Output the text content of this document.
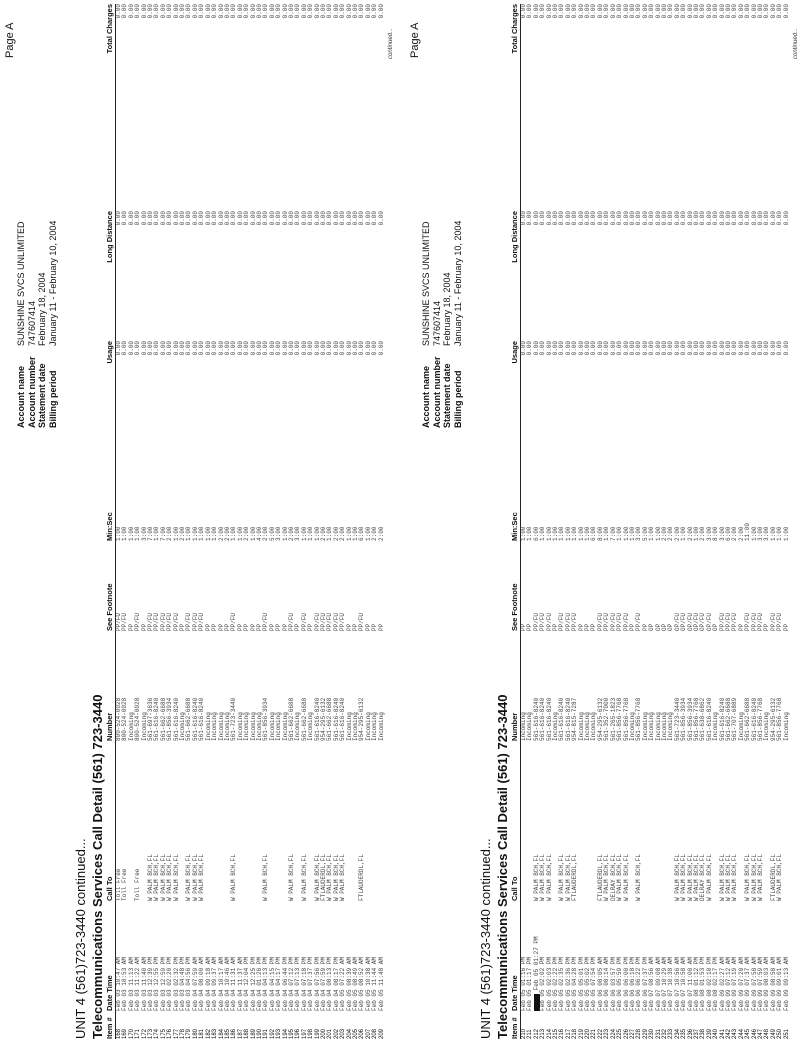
Page A
Account name
SUNSHINE SVCS UNLIMITED
Account number
747607414
Statement date
February 18, 2004
Billing period
January 11 - February 10, 2004
UNIT 4 (561)723-3440 continued... Telecommunications Services Call Detail (561) 723-3440 Item #	Date Time	Call To	Number	See Footnote	Min:Sec	Usage	Long Distance	Total Charges
168	Feb 03 10:47 AM	Toll Free	800-524-0028	PP/FU	1:00	0.00	0.00	0.00
169	Feb 03 10:53 AM	Toll Free	800-524-0028	PP/FU	1:00	0.00	0.00	0.00
170	Feb 03 11:13 AM		Incoming	PP	1:00	0.00	0.00	0.00
171	Feb 03 11:22 AM	Toll Free	800-524-0028	PP/FU	1:00	0.00	0.00	0.00
172	Feb 03 11:40 AM		Incoming	PP	3:00	0.00	0.00	0.00
173	Feb 03 12:39 PM	W PALM BCH,FL	561-697-3636	PP/FU	7:00	0.00	0.00	0.00
174	Feb 03 12:55 PM	W PALM BCH,FL	561-616-8240	PP/FU	1:00	0.00	0.00	0.00
175	Feb 03 12:59 PM	W PALM BCH,FL	561-662-6688	PP/FU	7:00	0.00	0.00	0.00
176	Feb 03 02:20 PM	W PALM BCH,FL	561-856-3934	PP/FU	2:00	0.00	0.00	0.00
177	Feb 03 02:32 PM	W PALM BCH,FL	561-616-8240	PP/FU	1:00	0.00	0.00	0.00
178	Feb 03 04:48 PM		Incoming	PP	2:00	0.00	0.00	0.00
179	Feb 03 04:56 PM	W PALM BCH,FL	561-662-6688	PP/FU	1:00	0.00	0.00	0.00
180	Feb 04 07:59 AM	W PALM BCH,FL	561-616-8240	PP/FU	1:00	0.00	0.00	0.00
181	Feb 04 08:00 AM	W PALM BCH,FL	561-616-8240	PP/FU	1:00	0.00	0.00	0.00
182	Feb 04 09:18 AM		Incoming	PP	1:00	0.00	0.00	0.00
183	Feb 04 09:37 AM		Incoming	PP	1:00	0.00	0.00	0.00
184	Feb 04 10:17 AM		Incoming	PP	2:00	0.00	0.00	0.00
185	Feb 04 10:46 AM		Incoming	PP	2:00	0.00	0.00	0.00
186	Feb 04 11:31 AM	W PALM BCH,FL	561-723-3440	PP/FU	1:00	0.00	0.00	0.00
187	Feb 04 11:37 AM		Incoming	PP	1:00	0.00	0.00	0.00
188	Feb 04 12:04 PM		Incoming	PP	2:00	0.00	0.00	0.00
189	Feb 04 12:25 PM		Incoming	PP	1:00	0.00	0.00	0.00
190	Feb 04 01:26 PM		Incoming	PP	4:00	0.00	0.00	0.00
191	Feb 04 04:13 PM	W PALM BCH,FL	561-856-3934	PP/FU	2:00	0.00	0.00	0.00
192	Feb 04 04:15 PM		Incoming	PP	5:00	0.00	0.00	0.00
193	Feb 04 04:17 PM		Incoming	PP	3:00	0.00	0.00	0.00
194	Feb 04 06:44 PM		Incoming	PP	1:00	0.00	0.00	0.00
195	Feb 04 07:12 PM	W PALM BCH,FL	561-662-6688	PP/FU	2:00	0.00	0.00	0.00
196	Feb 04 07:13 PM		Incoming	PP	3:00	0.00	0.00	0.00
197	Feb 04 07:18 PM	W PALM BCH,FL	561-662-6688	PP/FU	1:00	0.00	0.00	0.00
198	Feb 04 07:37 PM		Incoming	PP	1:00	0.00	0.00	0.00
199	Feb 04 07:56 PM	W PALM BCH,FL	561-616-8240	PP/FU	1:00	0.00	0.00	0.00
200	Feb 04 07:59 PM	FTLAUDERDL,FL	954-295-6132	PP/FU	2:00	0.00	0.00	0.00
201	Feb 04 08:13 PM	W PALM BCH,FL	561-662-6688	PP/FU	1:00	0.00	0.00	0.00
202	Feb 04 08:17 PM	W PALM BCH,FL	561-616-8240	PP/FU	2:00	0.00	0.00	0.00
203	Feb 05 07:22 AM	W PALM BCH,FL	561-616-8240	PP/FU	2:00	0.00	0.00	0.00
204	Feb 05 08:39 AM		Incoming	PP	1:00	0.00	0.00	0.00
205	Feb 05 08:49 AM		Incoming	PP	1:00	0.00	0.00	0.00
206	Feb 05 08:52 AM	FTLAUDERDL,FL	954-295-6132	PP/FU	6:00	0.00	0.00	0.00
207	Feb 05 10:38 AM		Incoming	PP	1:00	0.00	0.00	0.00
208	Feb 05 11:44 AM		Incoming	PP	2:00	0.00	0.00	0.00
209	Feb 05 11:48 AM		Incoming	PP	2:00	0.00	0.00	0.00
continued... Page A
Account name
SUNSHINE SVCS UNLIMITED
Account number
747607414
Statement date
February 18, 2004
Billing period
January 11 - February 10, 2004
UNIT 4 (561)723-3440 continued... Telecommunications Services Call Detail (561) 723-3440 Item #	Date Time	Call To	Number	See Footnote	Min:Sec	Usage	Long Distance	Total Charges
210	Feb 05 01:16 PM		Incoming	PP	1:00	0.00	0.00	0.00
211	Feb 05 01:17 PM		Incoming	PP	1:00	0.00	0.00	0.00
212	Feb 05 01:27 PM	W PALM BCH,FL	561-616-8240	PP/FU	6:00	0.00	0.00	0.00
213	Feb 05 02:02 PM	W PALM BCH,FL	561-616-8240	PP/FU	1:00	0.00	0.00	0.00
214	Feb 05 02:03 PM	W PALM BCH,FL	561-616-8240	PP/FU	1:00	0.00	0.00	0.00
215	Feb 05 02:22 PM		Incoming	PP	1:00	0.00	0.00	0.00
216	Feb 05 02:35 PM	W PALM BCH,FL	561-616-8240	PP/FU	1:00	0.00	0.00	0.00
217	Feb 05 02:36 PM	W PALM BCH,FL	561-616-8240	PP/FU	1:00	0.00	0.00	0.00
218	Feb 05 04:28 PM	FTLAUDERDL,FL	954-815-7287	PP/FU	1:00	0.00	0.00	0.00
219	Feb 05 05:01 PM		Incoming	PP	1:00	0.00	0.00	0.00
220	Feb 05 05:02 PM		Incoming	PP	1:00	0.00	0.00	0.00
221	Feb 05 07:54 PM		Incoming	PP	6:00	0.00	0.00	0.00
222	Feb 06 08:05 AM	FTLAUDERDL,FL	954-295-6132	PP/FU	8:00	0.00	0.00	0.00
223	Feb 06 08:14 AM	W PALM BCH,FL	561-352-7000	PP/FU	1:00	0.00	0.00	0.00
224	Feb 06 03:57 PM	DELRAY BCH,FL	561-265-1823	PP/FU	7:00	0.00	0.00	0.00
225	Feb 06 05:59 PM	W PALM BCH,FL	561-856-7768	PP/FU	1:00	0.00	0.00	0.00
226	Feb 06 06:00 PM	W PALM BCH,FL	561-856-7768	PP/FU	1:00	0.00	0.00	0.00
227	Feb 06 06:18 PM		Incoming	PP	1:00	0.00	0.00	0.00
228	Feb 06 06:22 PM	W PALM BCH,FL	561-856-7768	PP/FU	3:00	0.00	0.00	0.00
229	Feb 06 07:37 PM		Incoming	PP	5:00	0.00	0.00	0.00
230	Feb 07 08:56 AM		Incoming	OP	1:00	0.00	0.00	0.00
231	Feb 07 09:08 AM		Incoming	OP	1:00	0.00	0.00	0.00
232	Feb 07 10:29 AM		Incoming	OP	2:00	0.00	0.00	0.00
233	Feb 07 10:38 AM		Incoming	OP	2:00	0.00	0.00	0.00
234	Feb 07 10:56 AM	W PALM BCH,FL	561-723-3440	OP/FU	2:00	0.00	0.00	0.00
235	Feb 07 10:58 AM	W PALM BCH,FL	561-856-3934	OP/FU	1:00	0.00	0.00	0.00
236	Feb 07 11:00 AM	W PALM BCH,FL	561-856-3934	OP/FU	2:00	0.00	0.00	0.00
237	Feb 08 01:12 PM	W PALM BCH,FL	561-856-7768	OP/FU	1:00	0.00	0.00	0.00
238	Feb 08 01:53 PM	DELRAY BCH,FL	561-638-6862	OP/FU	2:00	0.00	0.00	0.00
239	Feb 08 02:10 PM	W PALM BCH,FL	561-616-8240	OP/FU	3:00	0.00	0.00	0.00
240	Feb 08 02:17 PM		Incoming	OP	8:00	0.00	0.00	0.00
241	Feb 09 02:27 AM	W PALM BCH,FL	561-616-8240	PP/FU	3:00	0.00	0.00	0.00
242	Feb 09 07:12 AM	W PALM BCH,FL	561-662-6688	PP/FU	6:00	0.00	0.00	0.00
243	Feb 09 07:19 AM	W PALM BCH,FL	561-707-6889	PP/FU	2:00	0.00	0.00	0.00
244	Feb 09 07:20 AM		Incoming	PP	2:00	0.00	0.00	0.00
245	Feb 09 07:37 AM	W PALM BCH,FL	561-662-6688	PP/FU	11:00	0.00	0.00	0.00
246	Feb 09 07:58 AM	W PALM BCH,FL	561-616-8240	PP/FU	1:00	0.00	0.00	0.00
247	Feb 09 07:59 AM	W PALM BCH,FL	561-856-7768	PP/FU	3:00	0.00	0.00	0.00
248	Feb 09 08:03 AM		Incoming	PP	3:00	0.00	0.00	0.00
249	Feb 09 08:58 AM	FTLAUDERDL,FL	954-295-6132	PP/FU	1:00	0.00	0.00	0.00
250	Feb 09 09:01 AM	W PALM BCH,FL	561-856-7768	PP/FU	1:00	0.00	0.00	0.00
251	Feb 09 09:13 AM		Incoming	PP	1:00	0.00	0.00	0.00
continued...
